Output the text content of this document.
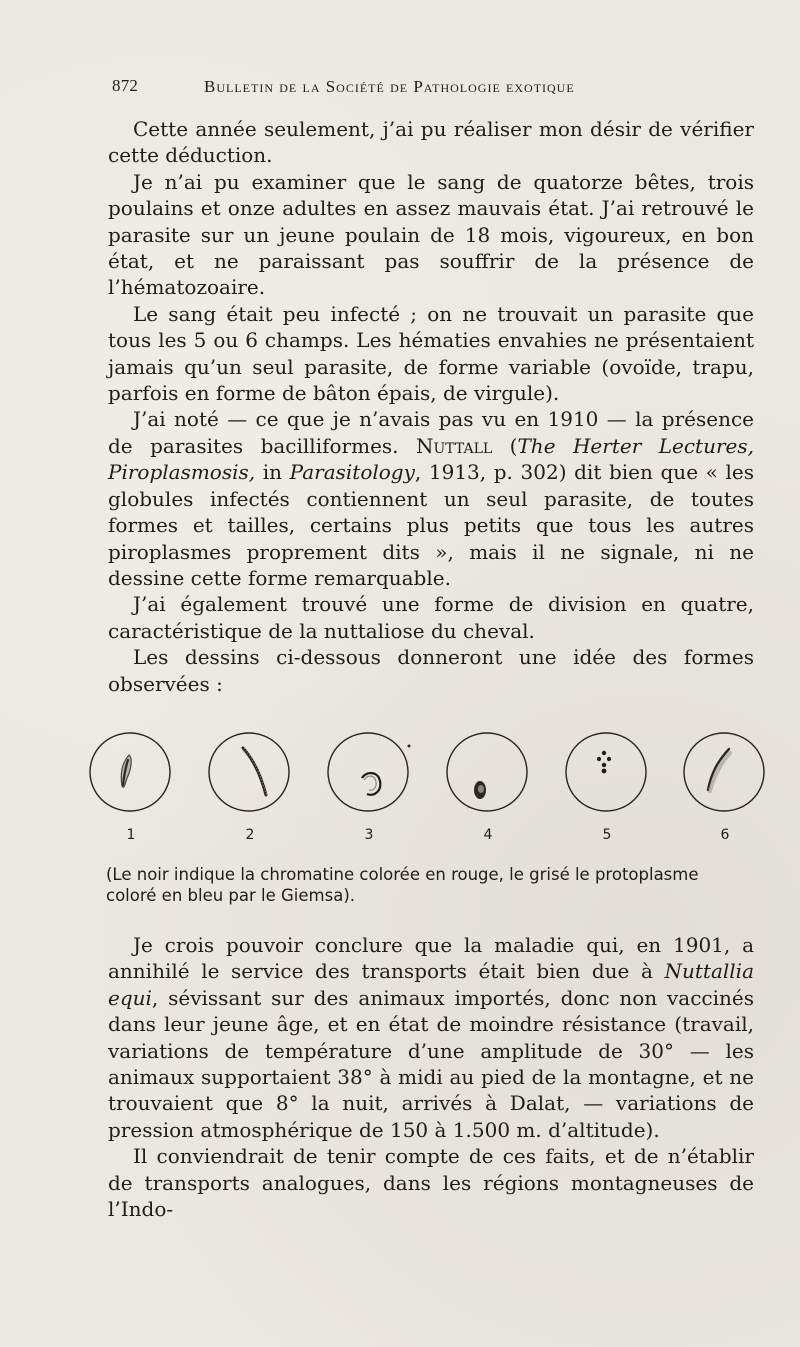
872	Bulletin de la Société de Pathologie exotique

Cette année seulement, j’ai pu réaliser mon désir de vérifier cette déduction.

Je n’ai pu examiner que le sang de quatorze bêtes, trois poulains et onze adultes en assez mauvais état. J’ai retrouvé le parasite sur un jeune poulain de 18 mois, vigoureux, en bon état, et ne paraissant pas souffrir de la présence de l’hématozoaire.

Le sang était peu infecté ; on ne trouvait un parasite que tous les 5 ou 6 champs. Les hématies envahies ne présentaient jamais qu’un seul parasite, de forme variable (ovoïde, trapu, parfois en forme de bâton épais, de virgule).

J’ai noté — ce que je n’avais pas vu en 1910 — la présence de parasites bacilliformes. Nuttall (The Herter Lectures, Piroplasmosis, in Parasitology, 1913, p. 302) dit bien que « les globules infectés contiennent un seul parasite, de toutes formes et tailles, certains plus petits que tous les autres piroplasmes proprement dits », mais il ne signale, ni ne dessine cette forme remarquable.

J’ai également trouvé une forme de division en quatre, caractéristique de la nuttaliose du cheval.

Les dessins ci-dessous donneront une idée des formes observées :

1	2	3	4	5	6
(Le noir indique la chromatine colorée en rouge, le grisé le protoplasme coloré en bleu par le Giemsa).

Je crois pouvoir conclure que la maladie qui, en 1901, a annihilé le service des transports était bien due à Nuttallia equi, sévissant sur des animaux importés, donc non vaccinés dans leur jeune âge, et en état de moindre résistance (travail, variations de température d’une amplitude de 30° — les animaux supportaient 38° à midi au pied de la montagne, et ne trouvaient que 8° la nuit, arrivés à Dalat, — variations de pression atmosphérique de 150 à 1.500 m. d’altitude).

Il conviendrait de tenir compte de ces faits, et de n’établir de transports analogues, dans les régions montagneuses de l’Indo-
